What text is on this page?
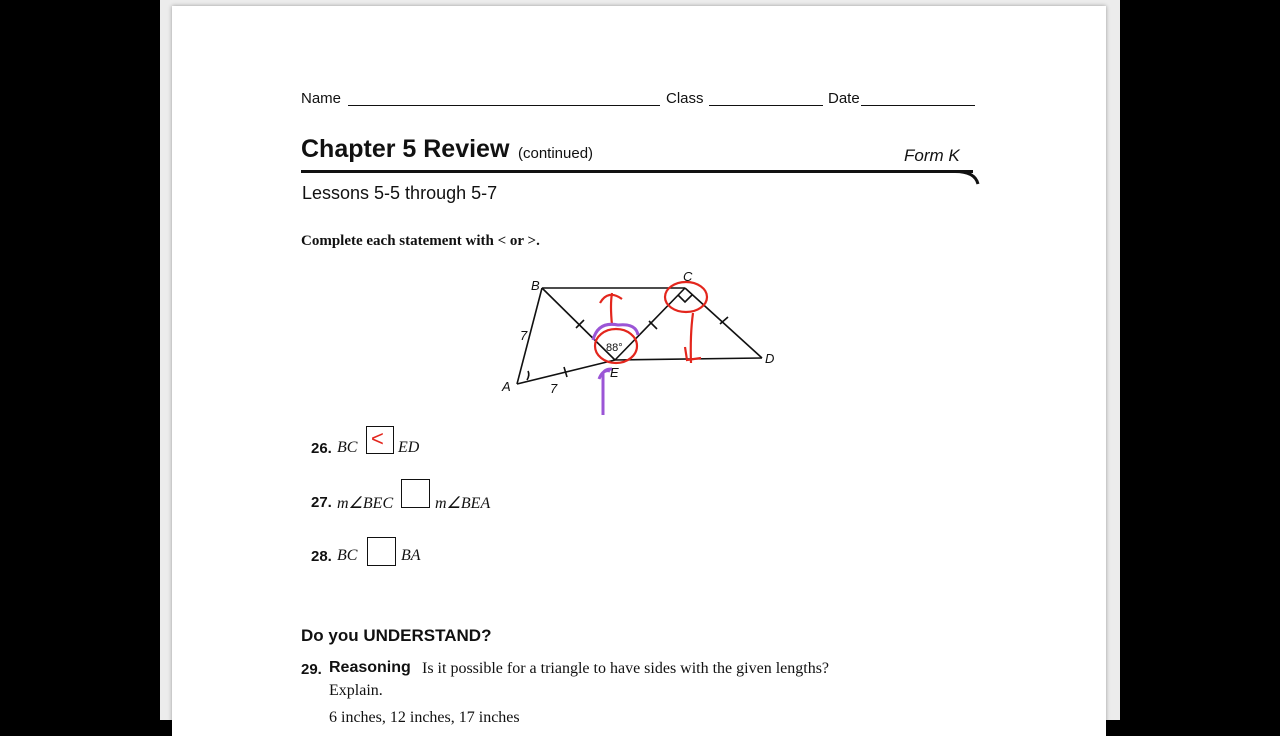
Name	Class	Date
Chapter 5 Review (continued)	Form K
Lessons 5-5 through 5-7
Complete each statement with < or >.
B
C
D
E
A
7
7
88°
26. BC < ED
27. m∠BEC	m∠BEA
28. BC	BA
Do you UNDERSTAND?
29. Reasoning Is it possible for a triangle to have sides with the given lengths?
Explain.
6 inches, 12 inches, 17 inches
